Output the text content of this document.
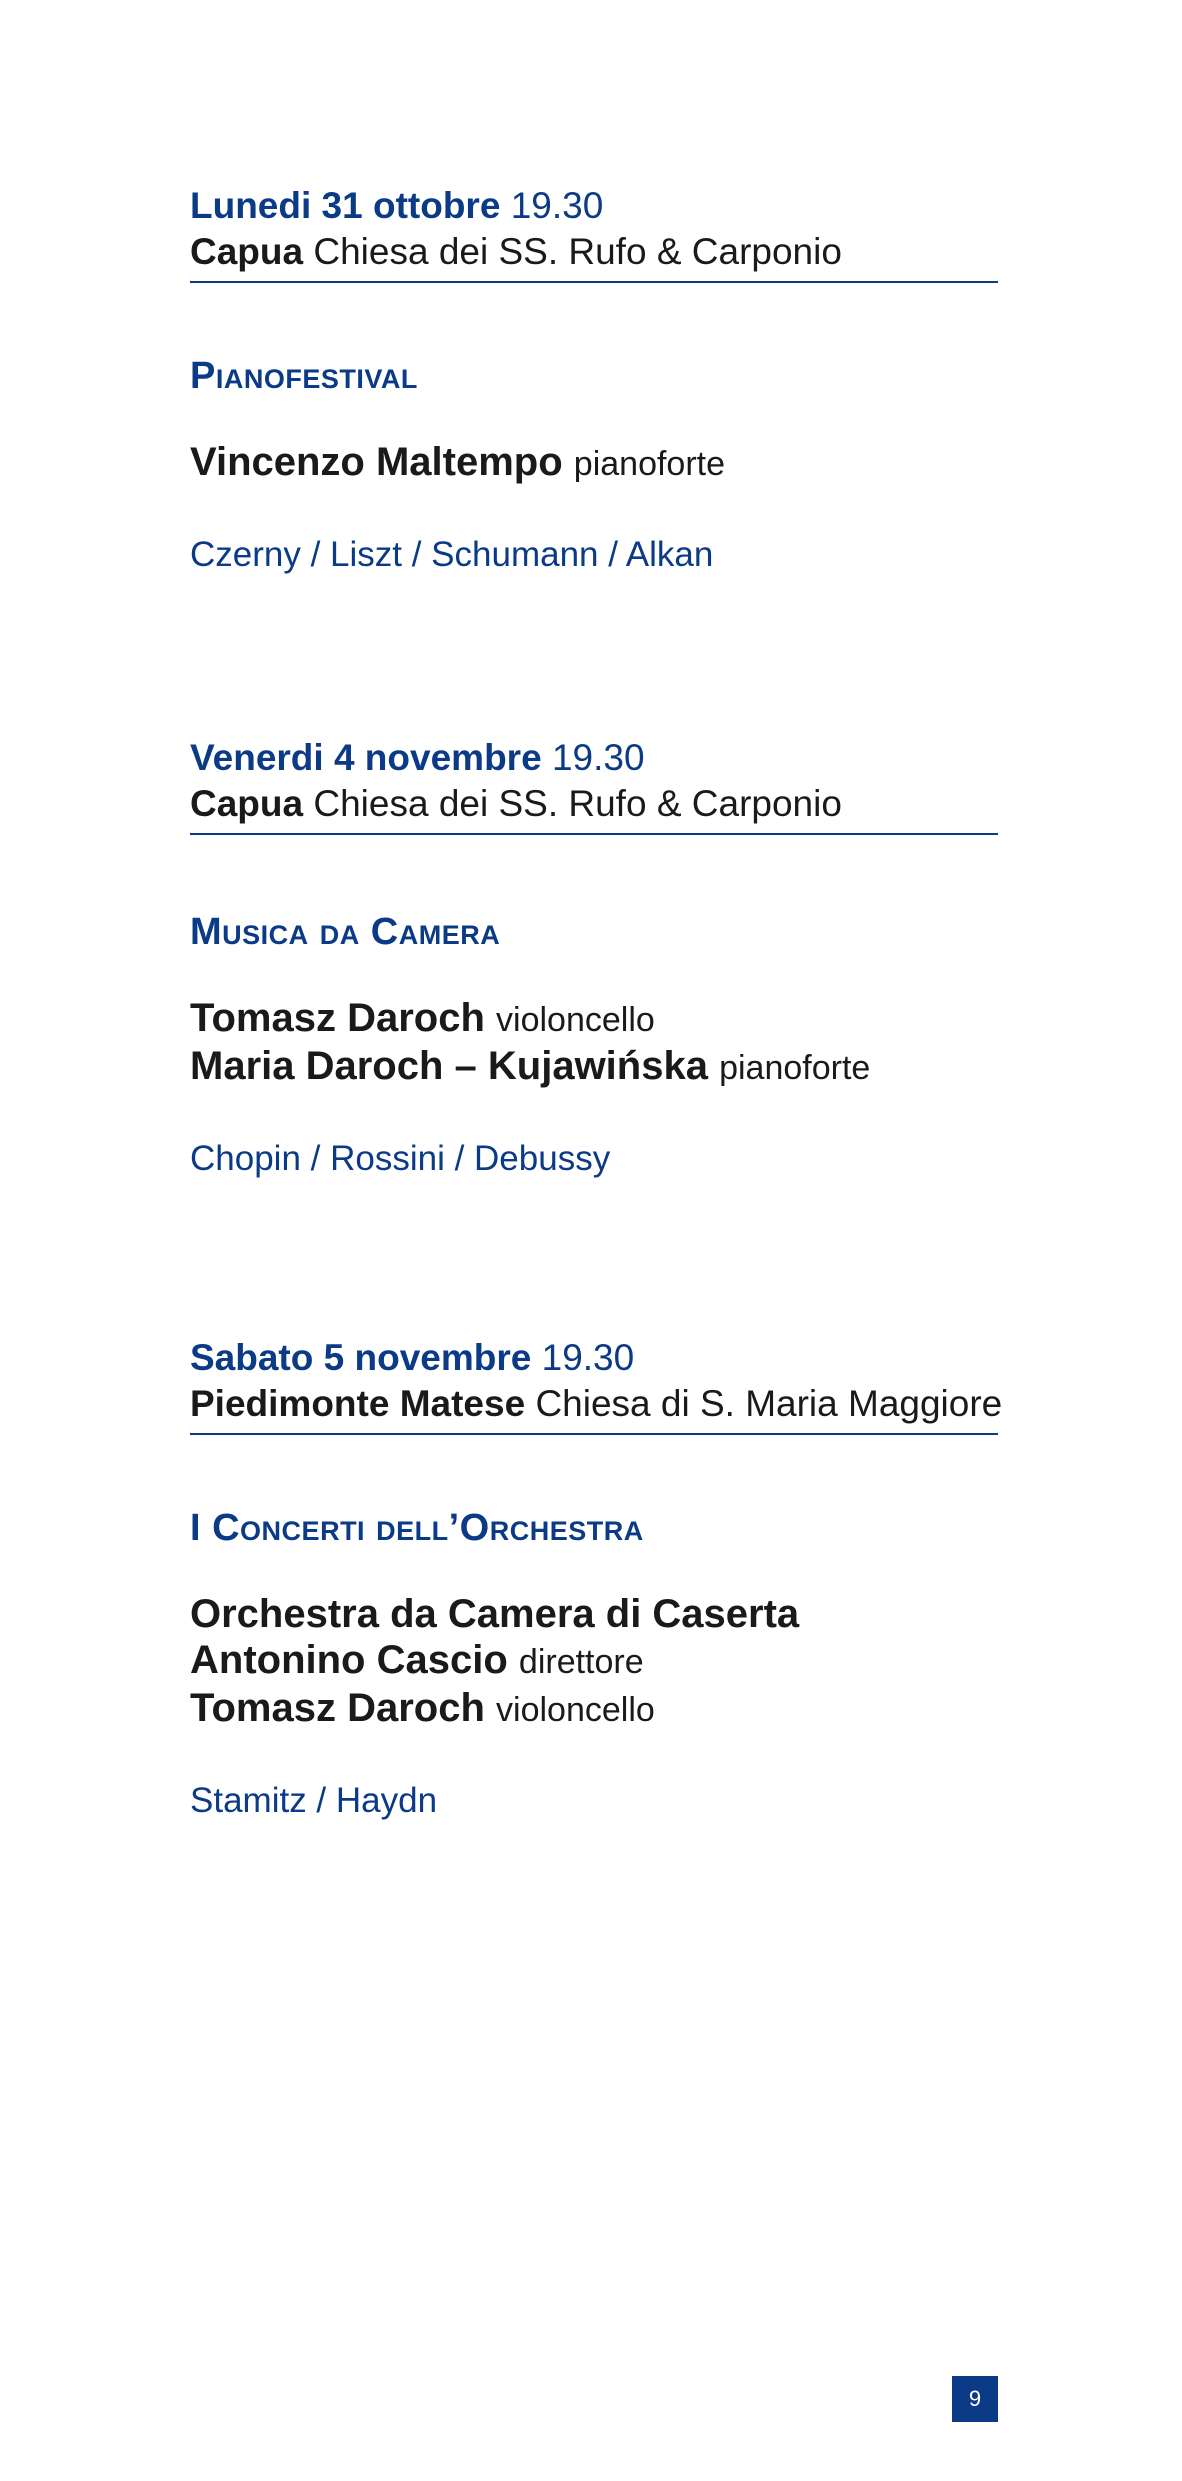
Lunedi 31 ottobre 19.30
Capua Chiesa dei SS. Rufo & Carponio
Pianofestival
Vincenzo Maltempo pianoforte
Czerny / Liszt / Schumann / Alkan
Venerdi 4 novembre 19.30
Capua Chiesa dei SS. Rufo & Carponio
Musica da Camera
Tomasz Daroch violoncello
Maria Daroch – Kujawińska pianoforte
Chopin / Rossini / Debussy
Sabato 5 novembre 19.30
Piedimonte Matese Chiesa di S. Maria Maggiore
I Concerti dell’Orchestra
Orchestra da Camera di Caserta
Antonino Cascio direttore
Tomasz Daroch violoncello
Stamitz / Haydn
9
